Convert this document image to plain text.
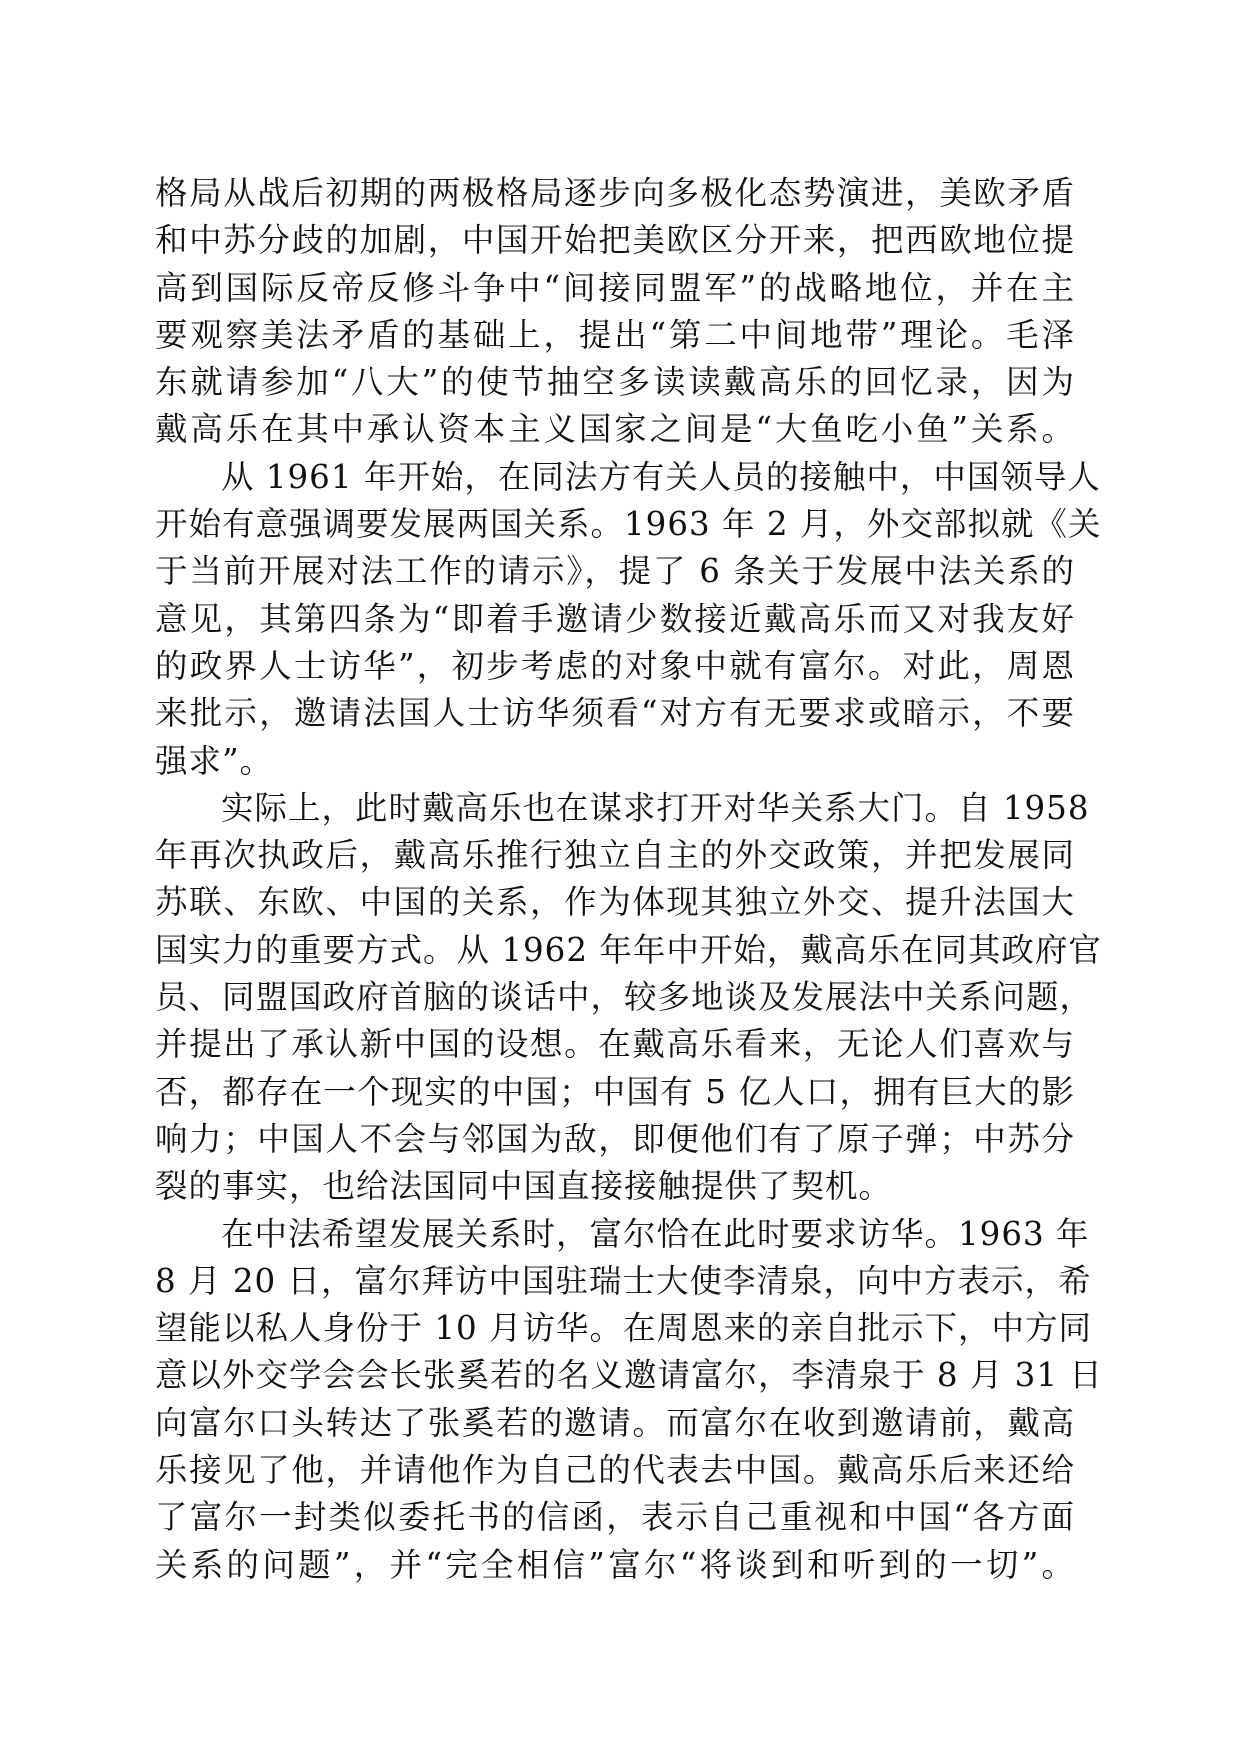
格局从战后初期的两极格局逐步向多极化态势演进，美欧矛盾
和中苏分歧的加剧，中国开始把美欧区分开来，把西欧地位提
高到国际反帝反修斗争中“间接同盟军”的战略地位，并在主
要观察美法矛盾的基础上，提出“第二中间地带”理论。毛泽
东就请参加“八大”的使节抽空多读读戴高乐的回忆录，因为
戴高乐在其中承认资本主义国家之间是“大鱼吃小鱼”关系。
从 1961 年开始，在同法方有关人员的接触中，中国领导人
开始有意强调要发展两国关系。1963 年 2 月，外交部拟就《关
于当前开展对法工作的请示》，提了 6 条关于发展中法关系的
意见，其第四条为“即着手邀请少数接近戴高乐而又对我友好
的政界人士访华”，初步考虑的对象中就有富尔。对此，周恩
来批示，邀请法国人士访华须看“对方有无要求或暗示，不要
强求”。
实际上，此时戴高乐也在谋求打开对华关系大门。自 1958
年再次执政后，戴高乐推行独立自主的外交政策，并把发展同
苏联、东欧、中国的关系，作为体现其独立外交、提升法国大
国实力的重要方式。从 1962 年年中开始，戴高乐在同其政府官
员、同盟国政府首脑的谈话中，较多地谈及发展法中关系问题，
并提出了承认新中国的设想。在戴高乐看来，无论人们喜欢与
否，都存在一个现实的中国；中国有 5 亿人口，拥有巨大的影
响力；中国人不会与邻国为敌，即便他们有了原子弹；中苏分
裂的事实，也给法国同中国直接接触提供了契机。
在中法希望发展关系时，富尔恰在此时要求访华。1963 年
8 月 20 日，富尔拜访中国驻瑞士大使李清泉，向中方表示，希
望能以私人身份于 10 月访华。在周恩来的亲自批示下，中方同
意以外交学会会长张奚若的名义邀请富尔，李清泉于 8 月 31 日
向富尔口头转达了张奚若的邀请。而富尔在收到邀请前，戴高
乐接见了他，并请他作为自己的代表去中国。戴高乐后来还给
了富尔一封类似委托书的信函，表示自己重视和中国“各方面
关系的问题”，并“完全相信”富尔“将谈到和听到的一切”。
